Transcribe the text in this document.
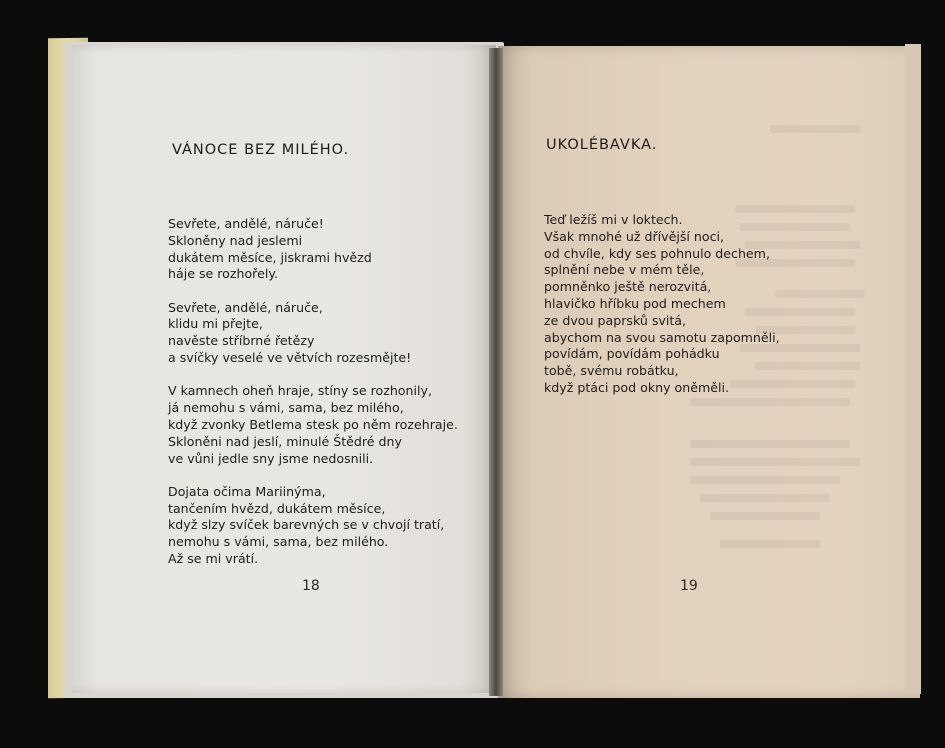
VÁNOCE BEZ MILÉHO.
Sevřete, andělé, náruče!
Skloněny nad jeslemi
dukátem měsíce, jiskrami hvězd
háje se rozhořely.
Sevřete, andělé, náruče,
klidu mi přejte,
navěste stříbrné řetězy
a svíčky veselé ve větvích rozesmějte!
V kamnech oheň hraje, stíny se rozhonily,
já nemohu s vámi, sama, bez milého,
když zvonky Betlema stesk po něm rozehraje.
Skloněni nad jeslí, minulé Štědré dny
ve vůni jedle sny jsme nedosnili.
Dojata očima Mariinýma,
tančením hvězd, dukátem měsíce,
když slzy svíček barevných se v chvojí tratí,
nemohu s vámi, sama, bez milého.
Až se mi vrátí.
18
UKOLÉBAVKA.
Teď ležíš mi v loktech.
Však mnohé už dřívější noci,
od chvíle, kdy ses pohnulo dechem,
splnění nebe v mém těle,
pomněnko ještě nerozvitá,
hlavičko hříbku pod mechem
ze dvou paprsků svitá,
abychom na svou samotu zapomněli,
povídám, povídám pohádku
tobě, svému robátku,
když ptáci pod okny oněměli.
19
